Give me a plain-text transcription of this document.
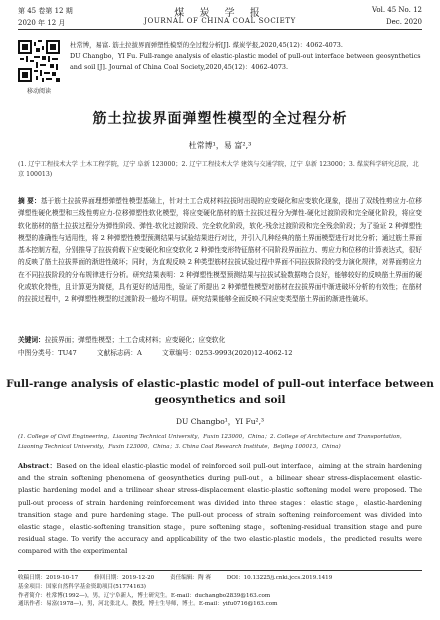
第 45 卷第 12 期
2020 年 12 月
煤 炭 学 报
JOURNAL OF CHINA COAL SOCIETY
Vol. 45 No. 12
Dec. 2020
移动阅读
杜常博，易富. 筋土拉拔界面弹塑性模型的全过程分析[J]. 煤炭学报,2020,45(12)：4062-4073.
DU Changbo，YI Fu. Full-range analysis of elastic-plastic model of pull-out interface between geosynthetics and soil [J]. Journal of China Coal Society,2020,45(12)：4062-4073.
筋土拉拔界面弹塑性模型的全过程分析
杜常博¹，易 富²,³
(1. 辽宁工程技术大学 土木工程学院，辽宁 阜新 123000；2. 辽宁工程技术大学 建筑与交通学院，辽宁 阜新 123000；3. 煤炭科学研究总院，北京 100013)
摘 要：基于筋土拉拔界面理想弹塑性模型基础上，针对土工合成材料拉拔时出现的应变硬化和应变软化现象，提出了双线性剪应力-位移弹塑性硬化模型和三线性剪应力-位移弹塑性软化模型，将应变硬化筋材的筋土拉拔过程分为弹性-硬化过渡阶段和完全硬化阶段，将应变软化筋材的筋土拉拔过程分为弹性阶段、弹性-软化过渡阶段、完全软化阶段，软化-残余过渡阶段和完全残余阶段；为了验证 2 种弹塑性模型的准确性与适用性，将 2 种弹塑性模型预测结果与试验结果进行对比，并引入几种经典的筋土界面模型进行对比分析；通过筋土界面基本控制方程，分别推导了拉拔荷载下应变硬化和应变软化 2 种弹性变形特征筋材不同阶段界面拉力、剪应力和位移的计算表达式，很好的反映了筋土拉拔界面的渐进性破坏；同时，为直观反映 2 种类型筋材拉拔试验过程中界面不同拉拔阶段的受力演化规律，对界面剪应力在不同拉拔阶段的分布规律进行分析。研究结果表明：2 种弹塑性模型预测结果与拉拔试验数据吻合良好，能够较好的反映筋土界面的硬化或软化特性，且计算更为简便，具有更好的适用性，验证了所提出 2 种弹塑性模型对筋材在拉拔界面中渐进破坏分析的有效性；在筋材的拉拔过程中，2 种弹塑性模型的过渡阶段一般均不明显。研究结果能够全面反映不同应变类型筋土界面的渐进性破坏。
关键词：拉拔界面；弹塑性模型；土工合成材料；应变硬化；应变软化
中图分类号：TU47	文献标志码：A	文章编号：0253-9993(2020)12-4062-12
Full-range analysis of elastic-plastic model of pull-out interface between geosynthetics and soil
DU Changbo¹，YI Fu²,³
(1. College of Civil Engineering，Liaoning Technical University，Fuxin 123000，China；2. College of Architecture and Transportation，Liaoning Technical University，Fuxin 123000，China；3. China Coal Research Institute，Beijing 100013，China)
Abstract：Based on the ideal elastic-plastic model of reinforced soil pull-out interface，aiming at the strain hardening and the strain softening phenomena of geosynthetics during pull-out，a bilinear shear stress-displacement elastic-plastic hardening model and a trilinear shear stress-displacement elastic-plastic softening model were proposed. The pull-out process of strain hardening reinforcement was divided into three stages：elastic stage，elastic-hardening transition stage and pure hardening stage. The pull-out process of strain softening reinforcement was divided into elastic stage，elastic-softening transition stage，pure softening stage，softening-residual transition stage and pure residual stage. To verify the accuracy and applicability of the two elastic-plastic models，the predicted results were compared with the experimental
收稿日期：2019-10-17	修回日期：2019-12-20	责任编辑：陶 赛	DOI：10.13225/j.cnki.jccs.2019.1419
基金项目：国家自然科学基金资助项目(51774163)
作者简介：杜常博(1992—)，男，辽宁阜新人，博士研究生。E-mail：duchangbo2839@163.com
通讯作者：易富(1978—)，男，河北张北人，教授，博士生导师，博士。E-mail：yifu0716@163.com
